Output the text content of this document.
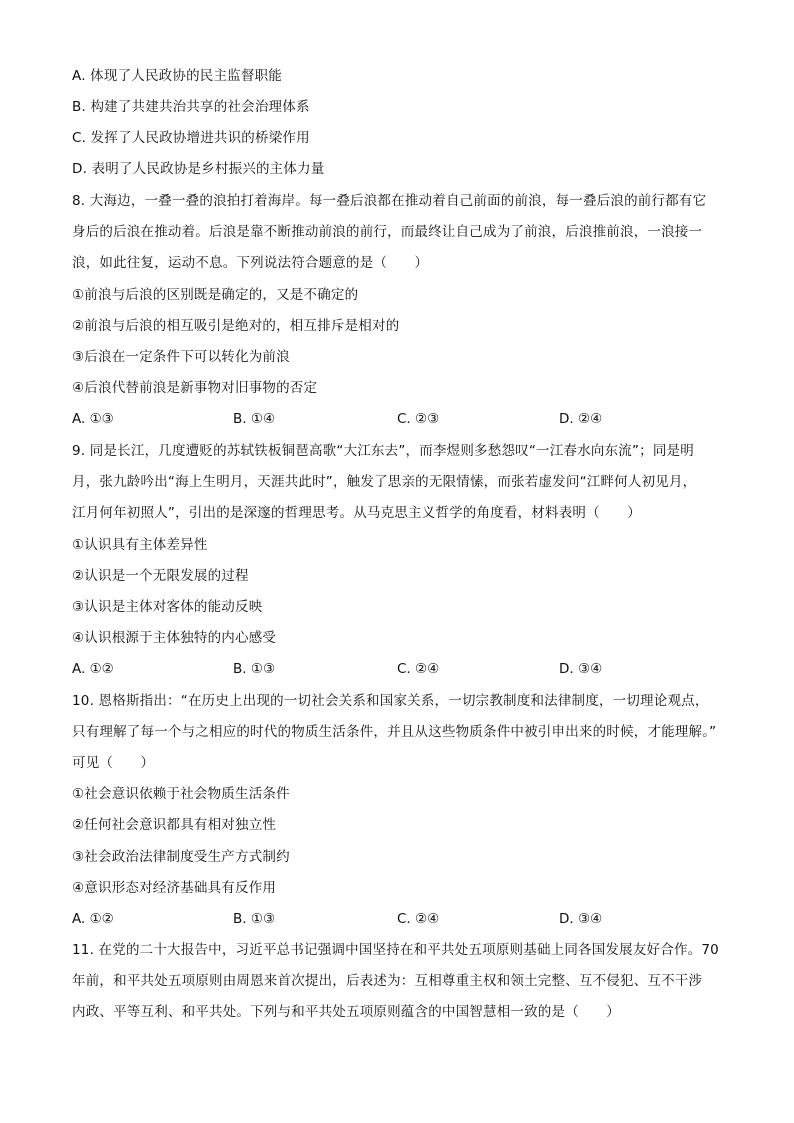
A. 体现了人民政协的民主监督职能
B. 构建了共建共治共享的社会治理体系
C. 发挥了人民政协增进共识的桥梁作用
D. 表明了人民政协是乡村振兴的主体力量
8. 大海边，一叠一叠的浪拍打着海岸。每一叠后浪都在推动着自己前面的前浪，每一叠后浪的前行都有它
身后的后浪在推动着。后浪是靠不断推动前浪的前行，而最终让自己成为了前浪，后浪推前浪，一浪接一
浪，如此往复，运动不息。下列说法符合题意的是（　　）
①前浪与后浪的区别既是确定的，又是不确定的
②前浪与后浪的相互吸引是绝对的，相互排斥是相对的
③后浪在一定条件下可以转化为前浪
④后浪代替前浪是新事物对旧事物的否定
A. ①③	B. ①④	C. ②③	D. ②④
9. 同是长江，几度遭贬的苏轼铁板铜琶高歌“大江东去”，而李煜则多愁怨叹“一江春水向东流”；同是明
月，张九龄吟出“海上生明月，天涯共此时”，触发了思亲的无限情愫，而张若虚发问“江畔何人初见月，
江月何年初照人”，引出的是深邃的哲理思考。从马克思主义哲学的角度看，材料表明（　　）
①认识具有主体差异性
②认识是一个无限发展的过程
③认识是主体对客体的能动反映
④认识根源于主体独特的内心感受
A. ①②	B. ①③	C. ②④	D. ③④
10. 恩格斯指出：“在历史上出现的一切社会关系和国家关系，一切宗教制度和法律制度，一切理论观点，
只有理解了每一个与之相应的时代的物质生活条件，并且从这些物质条件中被引申出来的时候，才能理解。”
可见（　　）
①社会意识依赖于社会物质生活条件
②任何社会意识都具有相对独立性
③社会政治法律制度受生产方式制约
④意识形态对经济基础具有反作用
A. ①②	B. ①③	C. ②④	D. ③④
11. 在党的二十大报告中，习近平总书记强调中国坚持在和平共处五项原则基础上同各国发展友好合作。70
年前，和平共处五项原则由周恩来首次提出，后表述为：互相尊重主权和领土完整、互不侵犯、互不干涉
内政、平等互利、和平共处。下列与和平共处五项原则蕴含的中国智慧相一致的是（　　）
